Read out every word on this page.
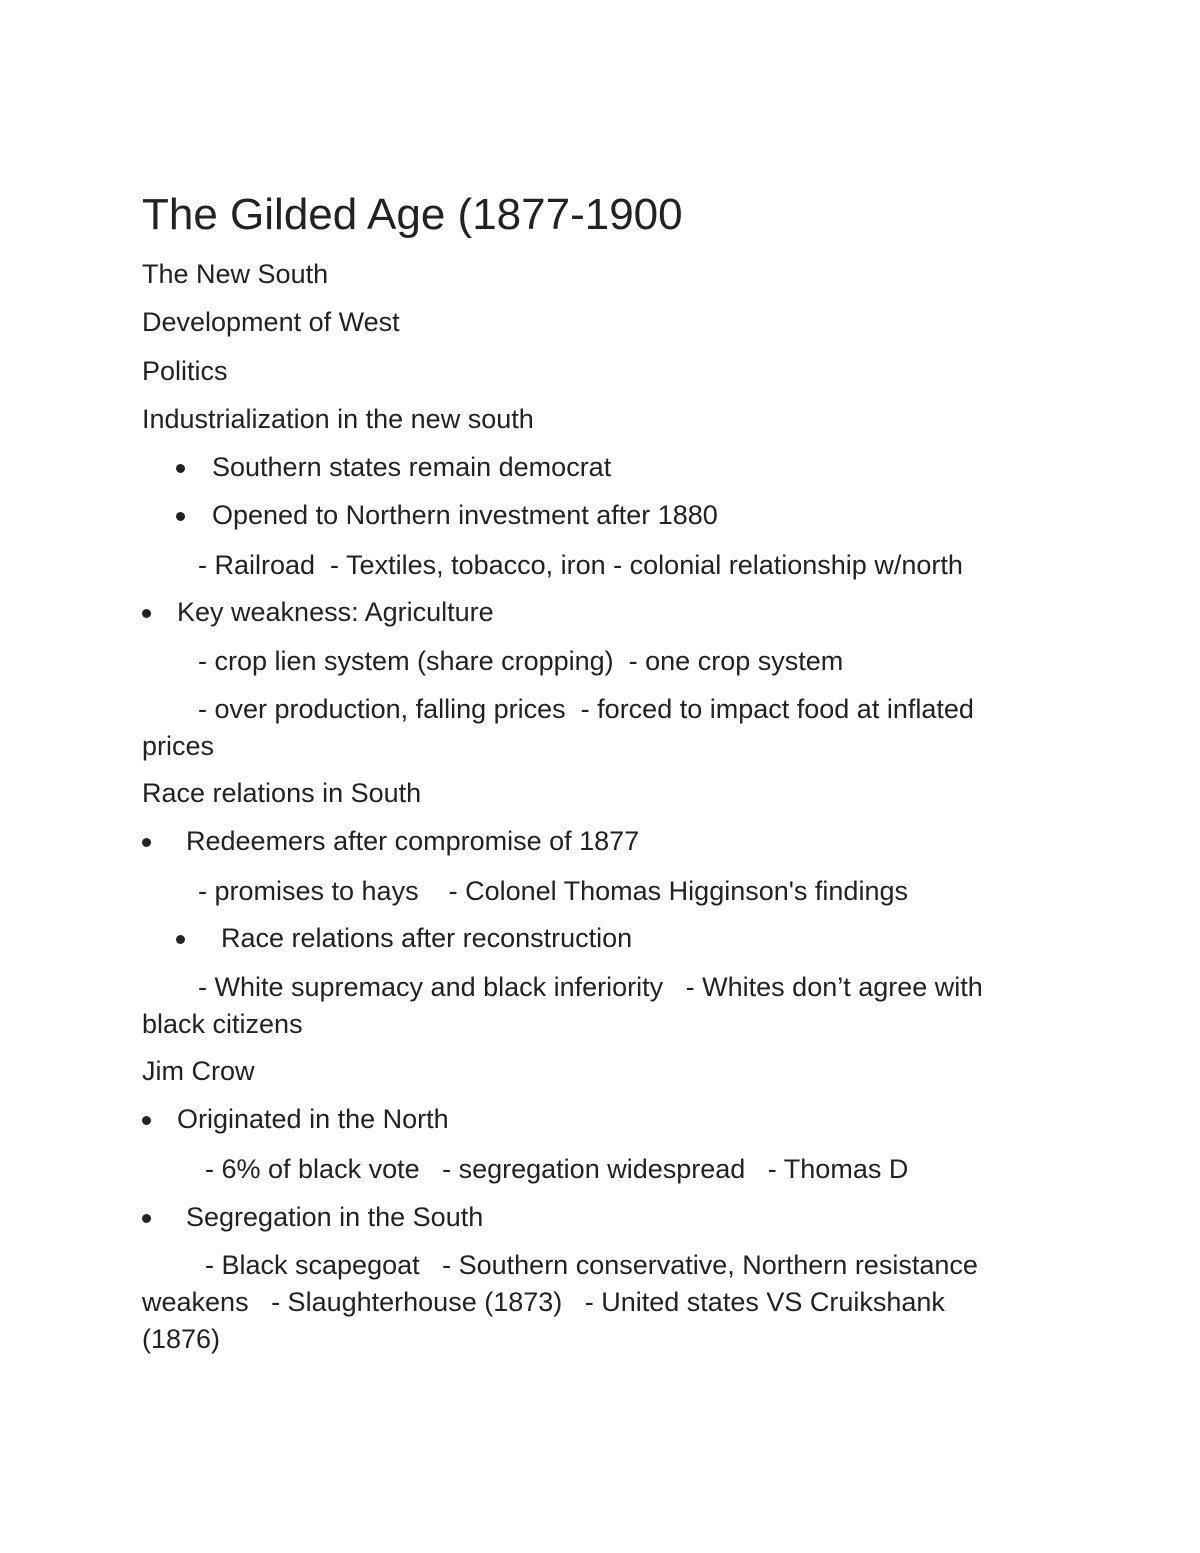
The Gilded Age (1877-1900
The New South
Development of West
Politics
Industrialization in the new south
Southern states remain democrat
Opened to Northern investment after 1880
- Railroad  - Textiles, tobacco, iron - colonial relationship w/north
Key weakness: Agriculture
- crop lien system (share cropping)  - one crop system
- over production, falling prices  - forced to impact food at inflated
prices
Race relations in South
Redeemers after compromise of 1877
- promises to hays    - Colonel Thomas Higginson's findings
Race relations after reconstruction
- White supremacy and black inferiority   - Whites don’t agree with
black citizens
Jim Crow
Originated in the North
- 6% of black vote   - segregation widespread   - Thomas D
Segregation in the South
- Black scapegoat   - Southern conservative, Northern resistance
weakens   - Slaughterhouse (1873)   - United states VS Cruikshank
(1876)
